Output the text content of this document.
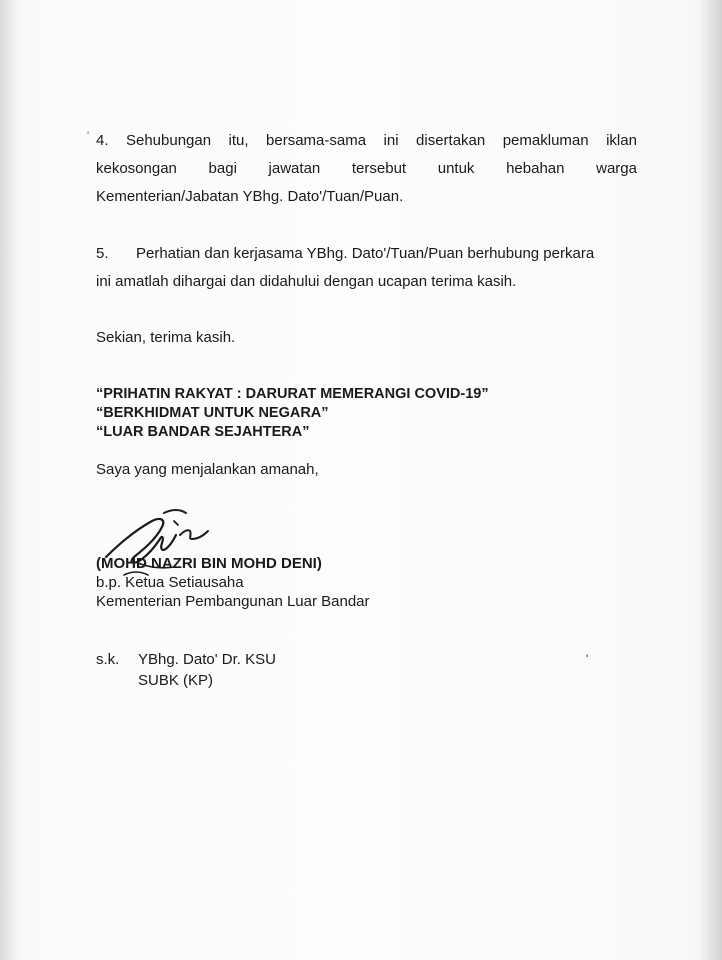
' 4. Sehubungan itu, bersama-sama ini disertakan pemakluman iklan
kekosongan bagi jawatan tersebut untuk hebahan warga
Kementerian/Jabatan YBhg. Dato'/Tuan/Puan.
5. Perhatian dan kerjasama YBhg. Dato'/Tuan/Puan berhubung perkara
ini amatlah dihargai dan didahului dengan ucapan terima kasih.
Sekian, terima kasih.
“PRIHATIN RAKYAT : DARURAT MEMERANGI COVID-19”
“BERKHIDMAT UNTUK NEGARA”
“LUAR BANDAR SEJAHTERA”
Saya yang menjalankan amanah,
(MOHD NAZRI BIN MOHD DENI)
b.p. Ketua Setiausaha
Kementerian Pembangunan Luar Bandar
s.k. YBhg. Dato' Dr. KSU
SUBK (KP)
'
